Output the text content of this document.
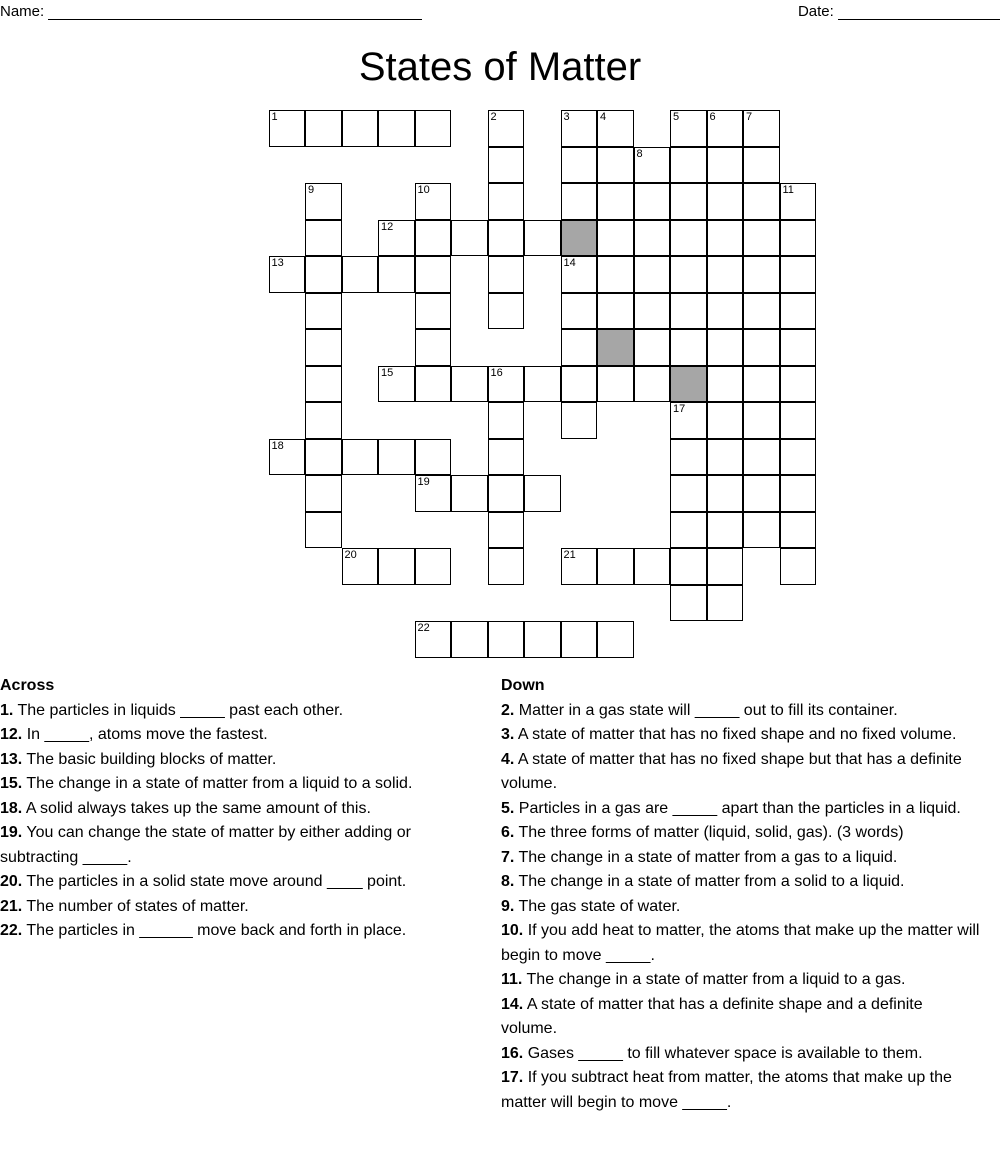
Name:	Date:
States of Matter
1	2	3	4	5	6	7
8
9	10	11
12
13	14
15	16
17
18
19
20	21
22
Across
1. The particles in liquids _____ past each other.
12. In _____, atoms move the fastest.
13. The basic building blocks of matter.
15. The change in a state of matter from a liquid to a solid.
18. A solid always takes up the same amount of this.
19. You can change the state of matter by either adding or subtracting _____.
20. The particles in a solid state move around ____ point.
21. The number of states of matter.
22. The particles in ______ move back and forth in place.
Down
2. Matter in a gas state will _____ out to fill its container.
3. A state of matter that has no fixed shape and no fixed volume.
4. A state of matter that has no fixed shape but that has a definite volume.
5. Particles in a gas are _____ apart than the particles in a liquid.
6. The three forms of matter (liquid, solid, gas). (3 words)
7. The change in a state of matter from a gas to a liquid.
8. The change in a state of matter from a solid to a liquid.
9. The gas state of water.
10. If you add heat to matter, the atoms that make up the matter will begin to move _____.
11. The change in a state of matter from a liquid to a gas.
14. A state of matter that has a definite shape and a definite volume.
16. Gases _____ to fill whatever space is available to them.
17. If you subtract heat from matter, the atoms that make up the matter will begin to move _____.
